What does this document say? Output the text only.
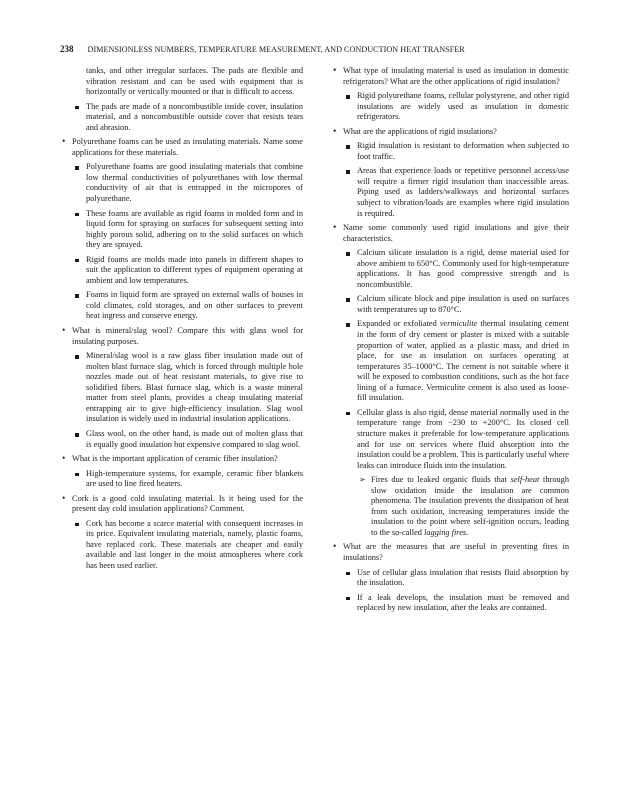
238 DIMENSIONLESS NUMBERS, TEMPERATURE MEASUREMENT, AND CONDUCTION HEAT TRANSFER

tanks, and other irregular surfaces. The pads are flexible and vibration resistant and can be used with equipment that is horizontally or vertically mounted or that is difficult to access.

The pads are made of a noncombustible inside cover, insulation material, and a noncombustible outside cover that resists tears and abrasion.

• Polyurethane foams can be used as insulating materials. Name some applications for these materials.

Polyurethane foams are good insulating materials that combine low thermal conductivities of polyurethanes with low thermal conductivity of air that is entrapped in the micropores of polyurethane.

These foams are available as rigid foams in molded form and in liquid form for spraying on surfaces for subsequent setting into highly porous solid, adhering on to the solid surfaces on which they are sprayed.

Rigid foams are molds made into panels in different shapes to suit the application to different types of equipment operating at ambient and low temperatures.

Foams in liquid form are sprayed on external walls of houses in cold climates, cold storages, and on other surfaces to prevent heat ingress and conserve energy.

• What is mineral/slag wool? Compare this with glass wool for insulating purposes.

Mineral/slag wool is a raw glass fiber insulation made out of molten blast furnace slag, which is forced through multiple hole nozzles made out of heat resistant materials, to give rise to solidified fibers. Blast furnace slag, which is a waste mineral matter from steel plants, provides a cheap insulating material entrapping air to give high-efficiency insulation. Slag wool insulation is widely used in industrial insulation applications.

Glass wool, on the other hand, is made out of molten glass that is equally good insulation but expensive compared to slag wool.

• What is the important application of ceramic fiber insulation?

High-temperature systems, for example, ceramic fiber blankets are used to line fired heaters.

• Cork is a good cold insulating material. Is it being used for the present day cold insulation applications? Comment.

Cork has become a scarce material with consequent increases in its price. Equivalent insulating materials, namely, plastic foams, have replaced cork. These materials are cheaper and easily available and last longer in the moist atmospheres where cork has been used earlier.

• What type of insulating material is used as insulation in domestic refrigerators? What are the other applications of rigid insulation?

Rigid polyurethane foams, cellular polystyrene, and other rigid insulations are widely used as insulation in domestic refrigerators.

• What are the applications of rigid insulations?

Rigid insulation is resistant to deformation when subjected to foot traffic.

Areas that experience loads or repetitive personnel access/use will require a firmer rigid insulation than inaccessible areas. Piping used as ladders/walkways and horizontal surfaces subject to vibration/loads are examples where rigid insulation is required.

• Name some commonly used rigid insulations and give their characteristics.

Calcium silicate insulation is a rigid, dense material used for above ambient to 650°C. Commonly used for high-temperature applications. It has good compressive strength and is noncombustible.

Calcium silicate block and pipe insulation is used on surfaces with temperatures up to 870°C.

Expanded or exfoliated vermiculite thermal insulating cement in the form of dry cement or plaster is mixed with a suitable proportion of water, applied as a plastic mass, and dried in place, for use as insulation on surfaces operating at temperatures 35–1000°C. The cement is not suitable where it will be exposed to combustion conditions, such as the hot face lining of a furnace. Vermiculite cement is also used as loose-fill insulation.

Cellular glass is also rigid, dense material normally used in the temperature range from −230 to +200°C. Its closed cell structure makes it preferable for low-temperature applications and for use on services where fluid absorption into the insulation could be a problem. This is particularly useful where leaks can introduce fluids into the insulation.

➢ Fires due to leaked organic fluids that self-heat through slow oxidation inside the insulation are common phenomena. The insulation prevents the dissipation of heat from such oxidation, increasing temperatures inside the insulation to the point where self-ignition occurs, leading to the so-called lagging fires.

• What are the measures that are useful in preventing fires in insulations?

Use of cellular glass insulation that resists fluid absorption by the insulation.

If a leak develops, the insulation must be removed and replaced by new insulation, after the leaks are contained.
